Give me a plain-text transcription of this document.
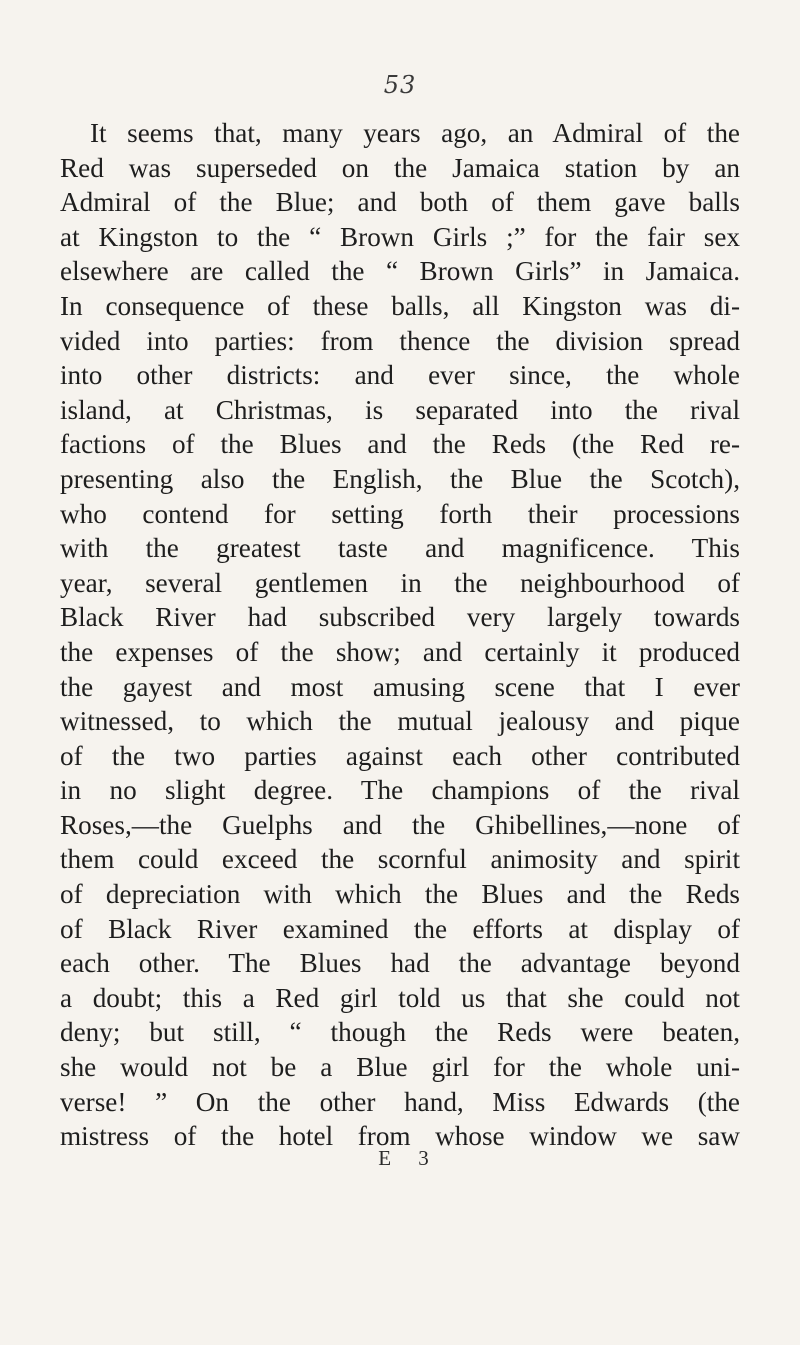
53
It seems that, many years ago, an Admiral of the
Red was superseded on the Jamaica station by an
Admiral of the Blue; and both of them gave balls
at Kingston to the “ Brown Girls ;” for the fair sex
elsewhere are called the “ Brown Girls” in Jamaica.
In consequence of these balls, all Kingston was di-
vided into parties: from thence the division spread
into other districts: and ever since, the whole
island, at Christmas, is separated into the rival
factions of the Blues and the Reds (the Red re-
presenting also the English, the Blue the Scotch),
who contend for setting forth their processions
with the greatest taste and magnificence. This
year, several gentlemen in the neighbourhood of
Black River had subscribed very largely towards
the expenses of the show; and certainly it produced
the gayest and most amusing scene that I ever
witnessed, to which the mutual jealousy and pique
of the two parties against each other contributed
in no slight degree. The champions of the rival
Roses,—the Guelphs and the Ghibellines,—none of
them could exceed the scornful animosity and spirit
of depreciation with which the Blues and the Reds
of Black River examined the efforts at display of
each other. The Blues had the advantage beyond
a doubt; this a Red girl told us that she could not
deny; but still, “ though the Reds were beaten,
she would not be a Blue girl for the whole uni-
verse! ” On the other hand, Miss Edwards (the
mistress of the hotel from whose window we saw
E 3
